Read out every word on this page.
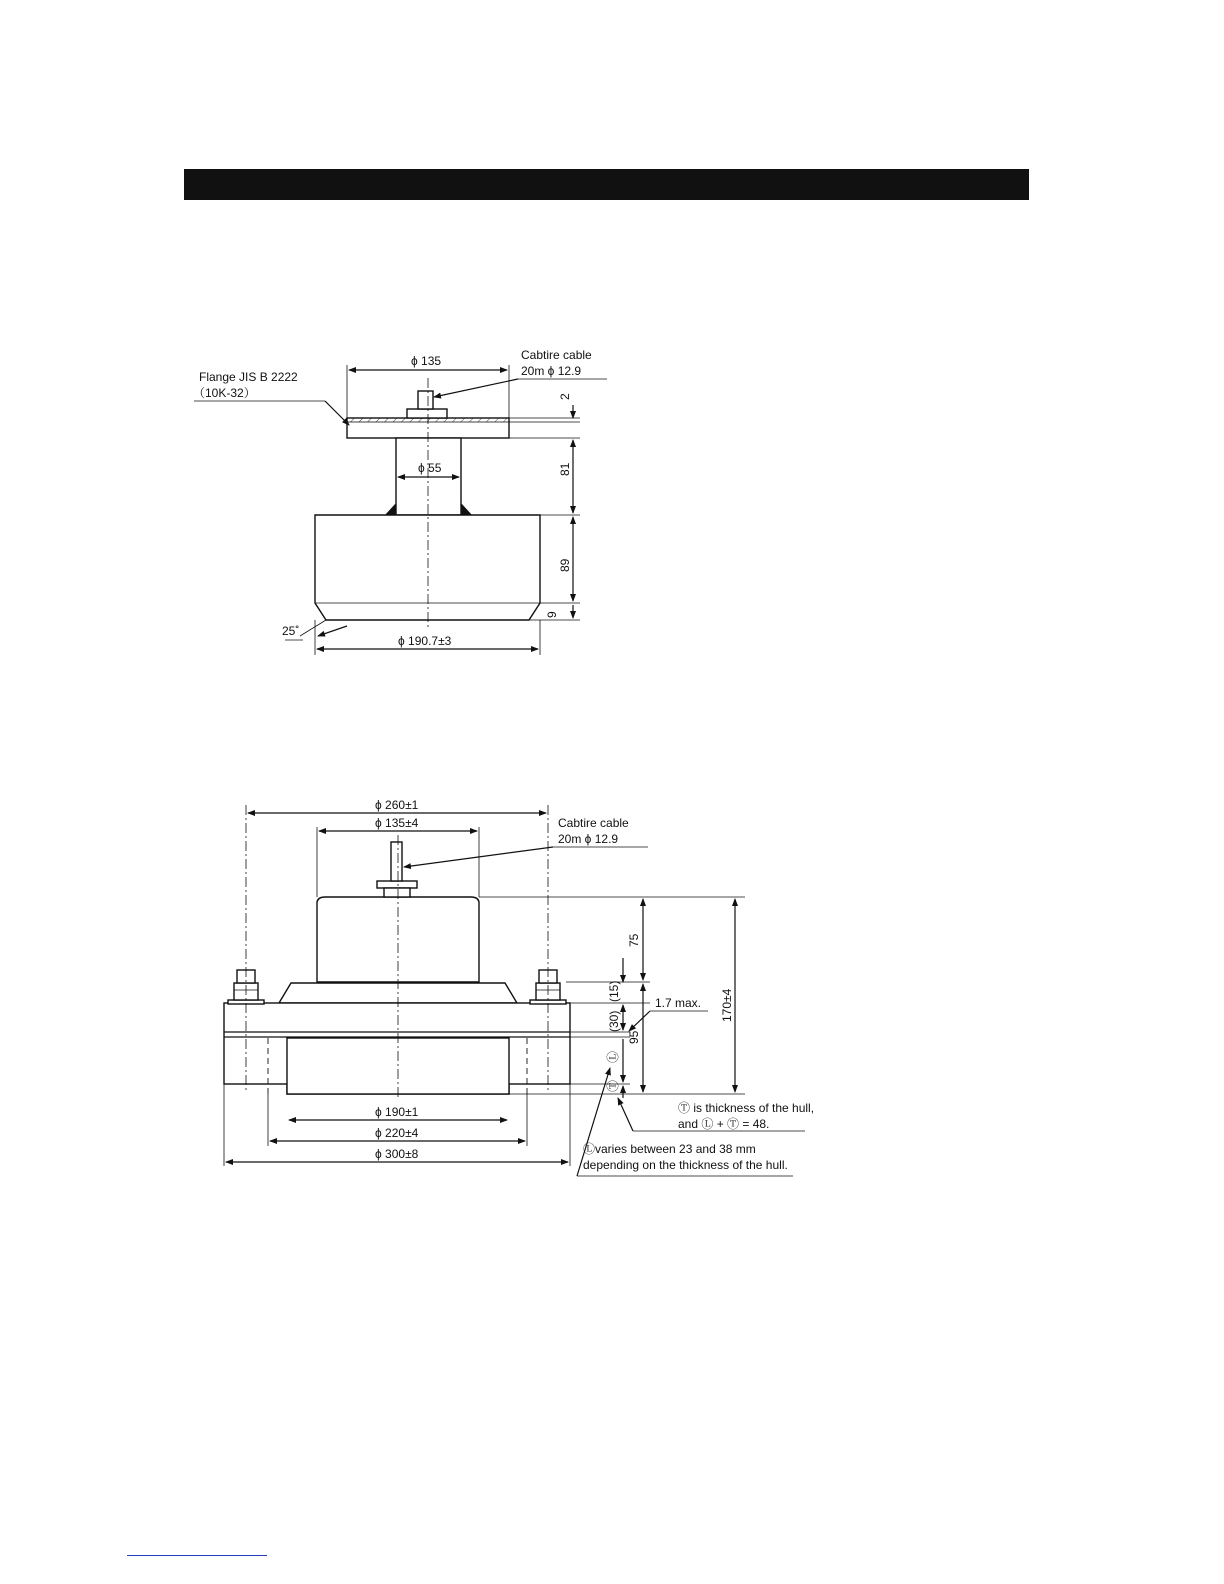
ϕ 135
ϕ 55
ϕ 190.7±3
Flange JIS B 2222
（10K-32）
Cabtire cable
20m ϕ 12.9
2
81
89
9
25˚
ϕ 260±1
ϕ 135±4	Cabtire cable
20m ϕ 12.9
ϕ 190±1
ϕ 220±4
ϕ 300±8
75
95
170±4
(15)
(30)
Ⓛ
Ⓣ
1.7 max.
Ⓣ is thickness of the hull,
and Ⓛ + Ⓣ = 48.
Ⓛvaries between 23 and 38 mm
depending on the thickness of the hull.
